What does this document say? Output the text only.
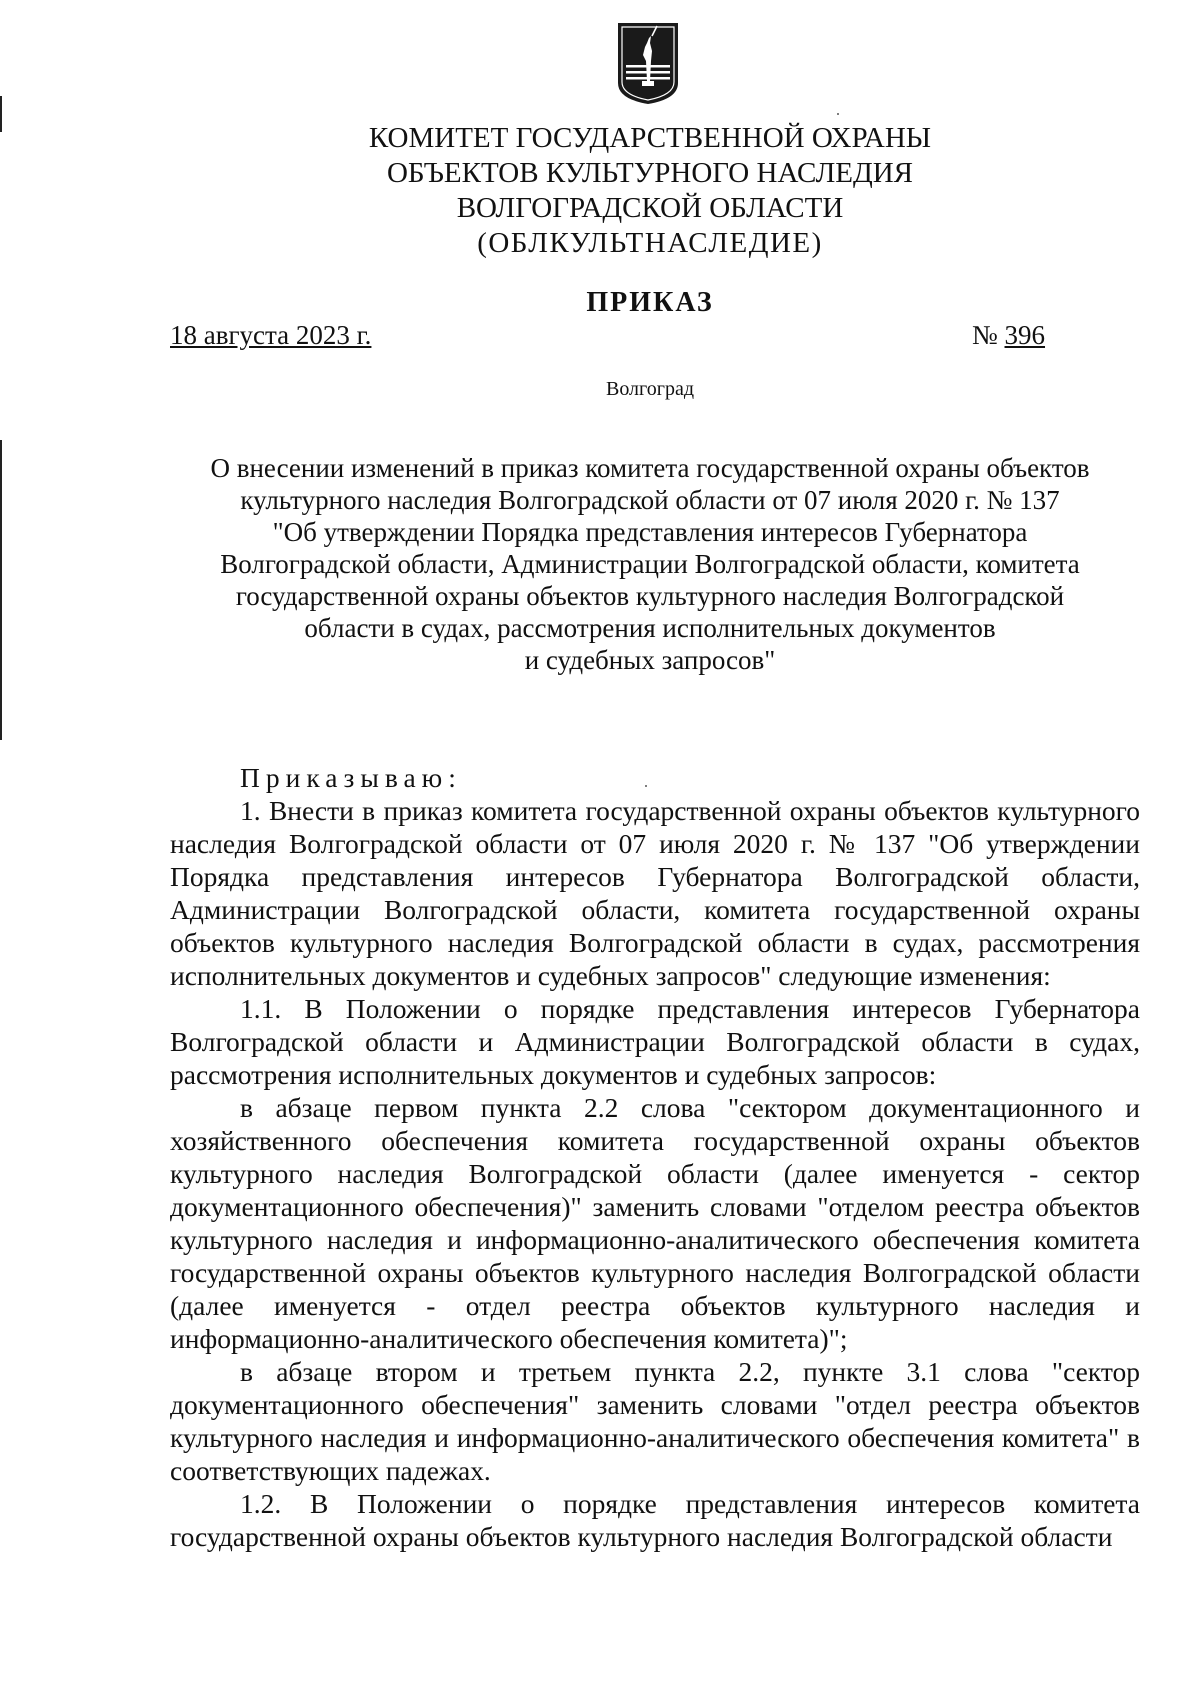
КОМИТЕТ ГОСУДАРСТВЕННОЙ ОХРАНЫ
ОБЪЕКТОВ КУЛЬТУРНОГО НАСЛЕДИЯ
ВОЛГОГРАДСКОЙ ОБЛАСТИ
(ОБЛКУЛЬТНАСЛЕДИЕ)
ПРИКАЗ
18 августа 2023 г.	№ 396
Волгоград
О внесении изменений в приказ комитета государственной охраны объектов
культурного наследия Волгоградской области от 07 июля 2020 г. № 137
"Об утверждении Порядка представления интересов Губернатора
Волгоградской области, Администрации Волгоградской области, комитета
государственной охраны объектов культурного наследия Волгоградской
области в судах, рассмотрения исполнительных документов
и судебных запросов"
Приказываю:

1. Внести в приказ комитета государственной охраны объектов культурного наследия Волгоградской области от 07 июля 2020 г. № 137 "Об утверждении Порядка представления интересов Губернатора Волгоградской области, Администрации Волгоградской области, комитета государственной охраны объектов культурного наследия Волгоградской области в судах, рассмотрения исполнительных документов и судебных запросов" следующие изменения:

1.1. В Положении о порядке представления интересов Губернатора Волгоградской области и Администрации Волгоградской области в судах, рассмотрения исполнительных документов и судебных запросов:

в абзаце первом пункта 2.2 слова "сектором документационного и хозяйственного обеспечения комитета государственной охраны объектов культурного наследия Волгоградской области (далее именуется - сектор документационного обеспечения)" заменить словами "отделом реестра объектов культурного наследия и информационно-аналитического обеспечения комитета государственной охраны объектов культурного наследия Волгоградской области (далее именуется - отдел реестра объектов культурного наследия и информационно-аналитического обеспечения комитета)";

в абзаце втором и третьем пункта 2.2, пункте 3.1 слова "сектор документационного обеспечения" заменить словами "отдел реестра объектов культурного наследия и информационно-аналитического обеспечения комитета" в соответствующих падежах.

1.2. В Положении о порядке представления интересов комитета государственной охраны объектов культурного наследия Волгоградской области
